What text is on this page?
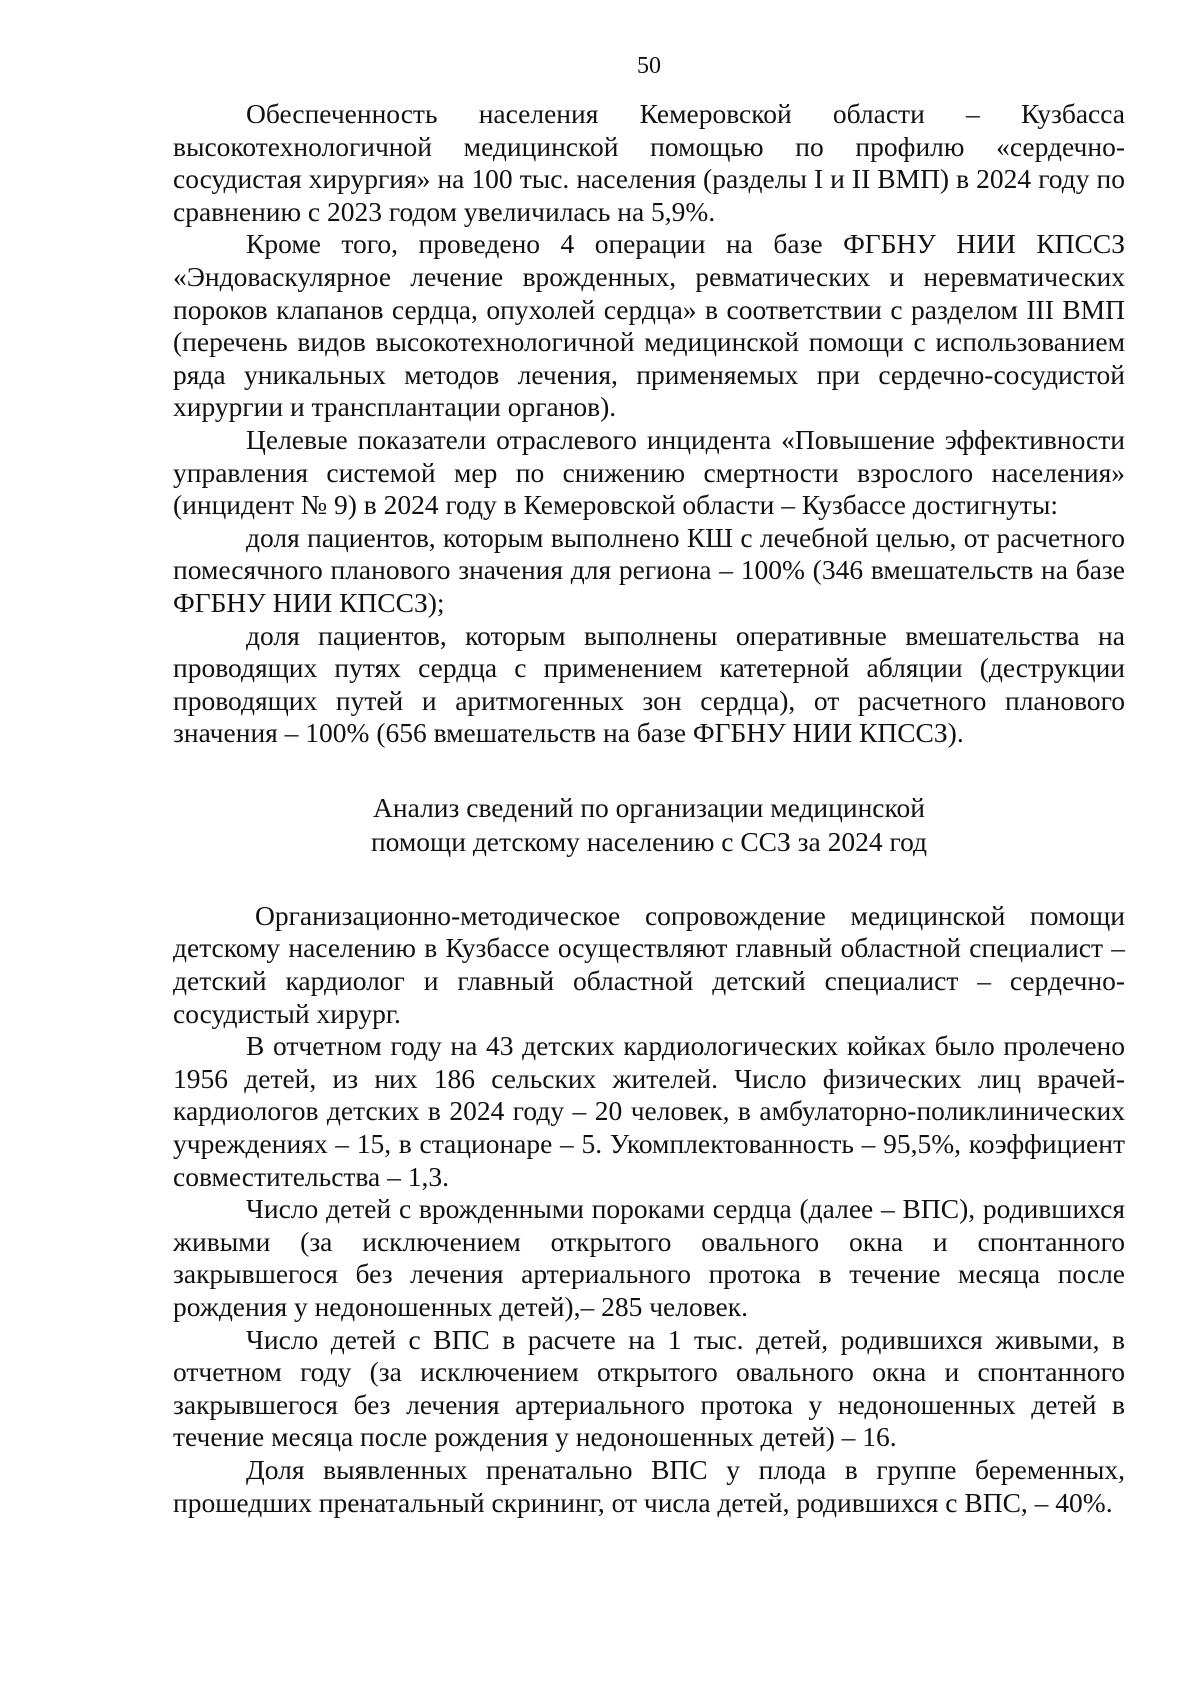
50

Обеспеченность населения Кемеровской области – Кузбасса высокотехнологичной медицинской помощью по профилю «сердечно-сосудистая хирургия» на 100 тыс. населения (разделы I и II ВМП) в 2024 году по сравнению с 2023 годом увеличилась на 5,9%.

Кроме того, проведено 4 операции на базе ФГБНУ НИИ КПССЗ «Эндоваскулярное лечение врожденных, ревматических и неревматических пороков клапанов сердца, опухолей сердца» в соответствии с разделом III ВМП (перечень видов высокотехнологичной медицинской помощи с использованием ряда уникальных методов лечения, применяемых при сердечно-сосудистой хирургии и трансплантации органов).

Целевые показатели отраслевого инцидента «Повышение эффективности управления системой мер по снижению смертности взрослого населения» (инцидент № 9) в 2024 году в Кемеровской области – Кузбассе достигнуты:

доля пациентов, которым выполнено КШ с лечебной целью, от расчетного помесячного планового значения для региона – 100% (346 вмешательств на базе ФГБНУ НИИ КПССЗ);

доля пациентов, которым выполнены оперативные вмешательства на проводящих путях сердца с применением катетерной абляции (деструкции проводящих путей и аритмогенных зон сердца), от расчетного планового значения – 100% (656 вмешательств на базе ФГБНУ НИИ КПССЗ).

Анализ сведений по организации медицинской
помощи детскому населению с ССЗ за 2024 год

Организационно-методическое сопровождение медицинской помощи детскому населению в Кузбассе осуществляют главный областной специалист – детский кардиолог и главный областной детский специалист – сердечно-сосудистый хирург.

В отчетном году на 43 детских кардиологических койках было пролечено 1956 детей, из них 186 сельских жителей. Число физических лиц врачей-кардиологов детских в 2024 году – 20 человек, в амбулаторно-поликлинических учреждениях – 15, в стационаре – 5. Укомплектованность – 95,5%, коэффициент совместительства – 1,3.

Число детей с врожденными пороками сердца (далее – ВПС), родившихся живыми (за исключением открытого овального окна и спонтанного закрывшегося без лечения артериального протока в течение месяца после рождения у недоношенных детей),– 285 человек.

Число детей с ВПС в расчете на 1 тыс. детей, родившихся живыми, в отчетном году (за исключением открытого овального окна и спонтанного закрывшегося без лечения артериального протока у недоношенных детей в течение месяца после рождения у недоношенных детей) – 16.

Доля выявленных пренатально ВПС у плода в группе беременных, прошедших пренатальный скрининг, от числа детей, родившихся с ВПС, – 40%.
